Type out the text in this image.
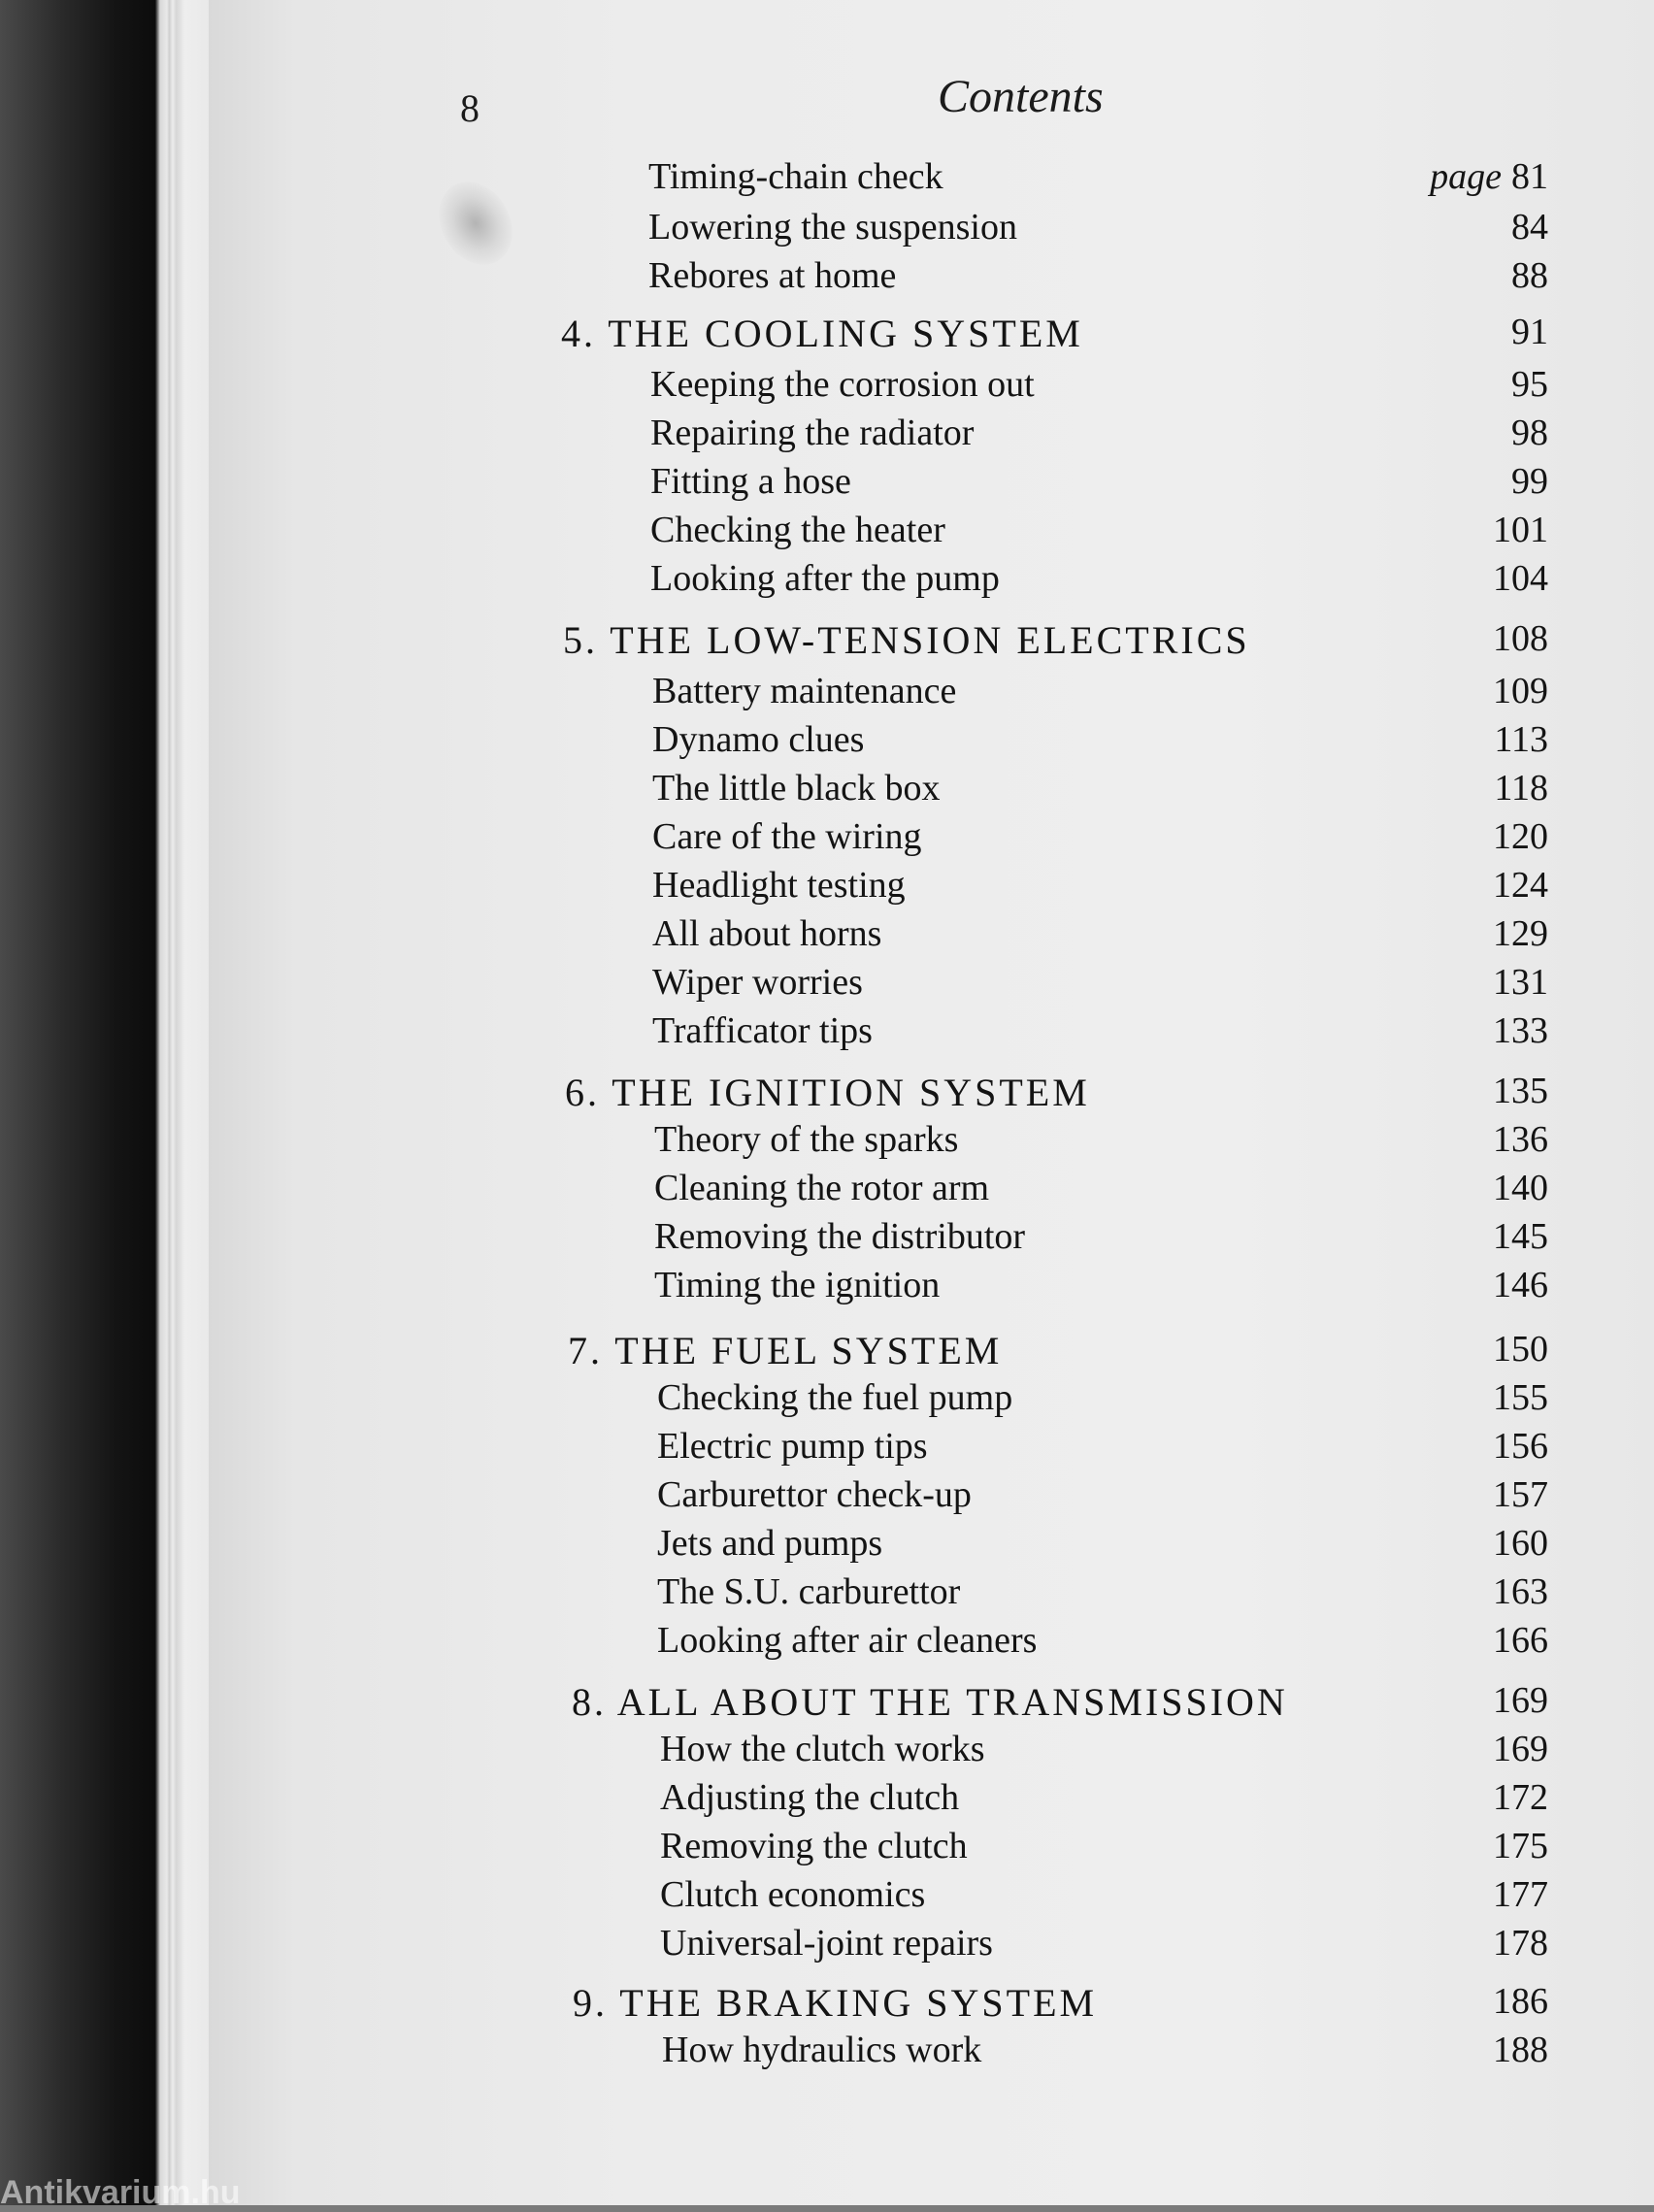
8	Contents
Timing-chain check	page 81
Lowering the suspension	84
Rebores at home	88
4. THE COOLING SYSTEM	91
Keeping the corrosion out	95
Repairing the radiator	98
Fitting a hose	99
Checking the heater	101
Looking after the pump	104
5. THE LOW-TENSION ELECTRICS	108
Battery maintenance	109
Dynamo clues	113
The little black box	118
Care of the wiring	120
Headlight testing	124
All about horns	129
Wiper worries	131
Trafficator tips	133
6. THE IGNITION SYSTEM	135
Theory of the sparks	136
Cleaning the rotor arm	140
Removing the distributor	145
Timing the ignition	146
7. THE FUEL SYSTEM	150
Checking the fuel pump	155
Electric pump tips	156
Carburettor check-up	157
Jets and pumps	160
The S.U. carburettor	163
Looking after air cleaners	166
8. ALL ABOUT THE TRANSMISSION	169
How the clutch works	169
Adjusting the clutch	172
Removing the clutch	175
Clutch economics	177
Universal-joint repairs	178
9. THE BRAKING SYSTEM	186
How hydraulics work	188
Antikvarium.hu
